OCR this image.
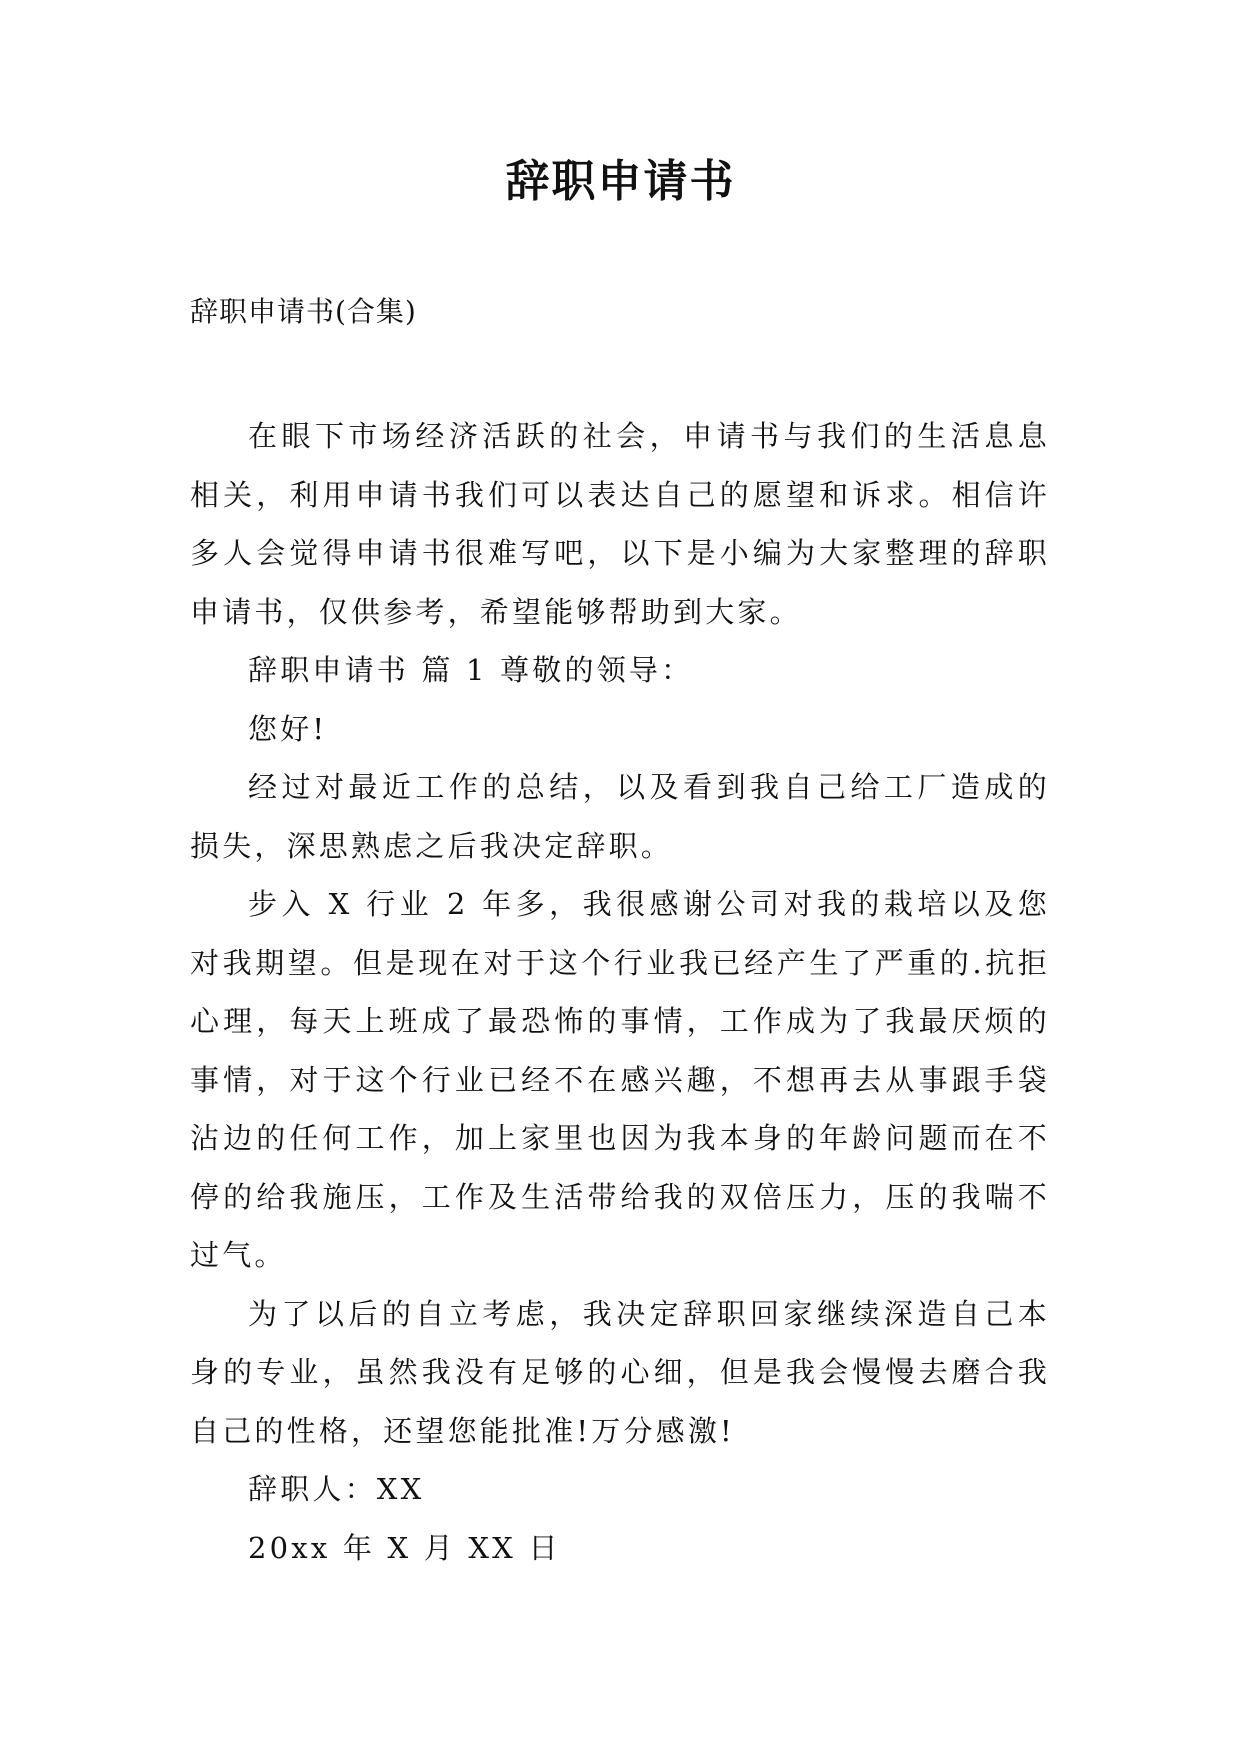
辞职申请书
辞职申请书(合集)

在眼下市场经济活跃的社会，申请书与我们的生活息息相关，利用申请书我们可以表达自己的愿望和诉求。相信许多人会觉得申请书很难写吧，以下是小编为大家整理的辞职申请书，仅供参考，希望能够帮助到大家。

辞职申请书 篇 1 尊敬的领导：

您好!

经过对最近工作的总结，以及看到我自己给工厂造成的损失，深思熟虑之后我决定辞职。

步入 X 行业 2 年多，我很感谢公司对我的栽培以及您对我期望。但是现在对于这个行业我已经产生了严重的.抗拒心理，每天上班成了最恐怖的事情，工作成为了我最厌烦的事情，对于这个行业已经不在感兴趣，不想再去从事跟手袋沾边的任何工作，加上家里也因为我本身的年龄问题而在不停的给我施压，工作及生活带给我的双倍压力，压的我喘不过气。

为了以后的自立考虑，我决定辞职回家继续深造自己本身的专业，虽然我没有足够的心细，但是我会慢慢去磨合我自己的性格，还望您能批准!万分感激!

辞职人：XX

20xx 年 X 月 XX 日
